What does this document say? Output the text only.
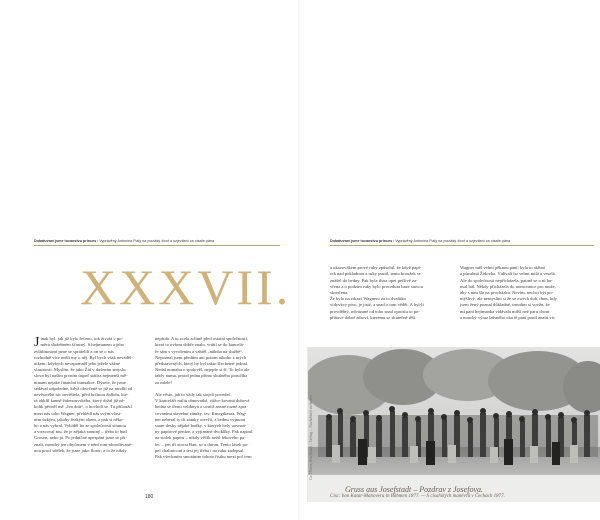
Dobatuvaní jsme tucanstvu princes / Vyprávěný Antonína Fialy na poutáký život a uzjevitení za císaře pána	Dobatuvaní jsme tucanstvu princes / Vyprávěný Antonína Fialy na poutáký život a uzjevitení za císaře pána
XXXVII.

Jinak byl, jak již bylo řečeno, tok života v po-
měru služebném šťastný. S hejtmanem a jeho
zvláštnostmi jsme se sprátelili a on se o nás
rozhodně více nežli my o něj. Byl bych však neváděl-
nikem, kdybych nevzpomněl jeho ježele vážné
vlastnosti. Myslím, že jako Žid v dušením smyslu
slova byl naším prvním úspoč státiss nejmenší mě-
nimam nejaké finanční transakce. Dýsete, že jsme
sedával odpoledne, když obvrčeně se již na modlil od
nevěstvéhé nic nevěštela, před brčinou židlolu, kte-
rá obklíl kanně židenouvského, který držal již ně-
kolik pěvněl mě „Jen dnit“, o hovholí se. Tu přiloužil
mezi nás toho Wagner, přehlédl nás svým vlast-
ním úzkým, jakoby řeakým okem, a pak si něko-
ho z nás vybral. Vybíděl ho ze společnosti stranou
a vrracoval mu, že je nějaká smutný – třeba to bud
Grosen, nebo já. Po jedničné upespání jsme se při-
znali, moudrý jen obyčenem v nění rom-ohroditvané-
nou prací sdělek, že jsme jako florer; a to že nikdy

nepřidá. A tu zcela zcbtně před ostatní společností,
která to ovšem dobře znalo, vrátil se do kancelá-
ře sám s vyvolením a vahtěl „nálnha na službě“.
Nepoznal jsem předtím ani potom nikoho z mých
představených, který by byl takto šlechetné jednal.
Nedal nomahu o spolověl, nejepše si ší. To bylo ale
takřy numa, protel jednu přímo skulného poručíka
za mlele!

Ale věste, jak to vždy tak stojeli povedeť,
V kanceláři miliu obnovaiká, vůžce kovaná duhová
bedna se třemi veliknyu a uvnitř ansné rozné zpra-
covaními stavební zámky, tzv. Kmegtkasaa. Wag-
ner neberal ty tři zámky otevřit, z bednu vyjmout
saare desky nějaké hodky, v kterýeh bely uovnaá-
ny papírové peníze, a vyjimané dvoklíky. Pak napoul
na stolek papíru – nikdy věčík nežil lékového pa-
lec – jen tří xiocst Ban, so u durun. Tento lásek pa-
pel chaliniconí a test jej třeba i na ruku zadepsal.
Pak všeckmím smotánim tohoto řistku mezi pol cem

180

a ukazovákem prové ruky způsobil, že když papí-
rek nad pokladnou z ruky pustil, tento kroužek se
znášel do bedny. Pak byla ilusa opet pečlivě za-
vřena a o podzim ruky bylo procedura baze stavou
skončena.
Že bylo na zdraví Wagnero za to dvalitko
vídyvkcy pivo, je jisté, a snad o tom vědět. A byl-li
provdělný, odvázané od toho snad oprostu to po-
přátavé dobré zdroví, kterému se skutečně těší.

Wagner měl velmi pěknou paní; byla to skřtná
a půvabná Židovka. Vidívali ho velmi milá a veselá.
Ale do společnosti nepřicházela, patrně se o ni ba-
nsal bál. Někdy přicházela do nonscnnice pro muže,
aby s ním šla na procházku. Nevím, nechci být po-
mýšlivý, ale nemyslím si že se zwéch dob, dnes, kdy
jsem žený poznal důkladné, trnudim si vovžn, že
mi paní hejtmanka vídávala milší než paru chont
a nouchý výraz lašsného oka tě paní poníl znatit vic

Gr. Hlava, Josefstadt – Verlag – Nachdruck verboten
Gruss aus Josefstadt – Pozdrav z Josefova.
Cisc: bon Katar-Manoveru in Böhmen 1877. — S císařských manévrů v Čechách 1877.
